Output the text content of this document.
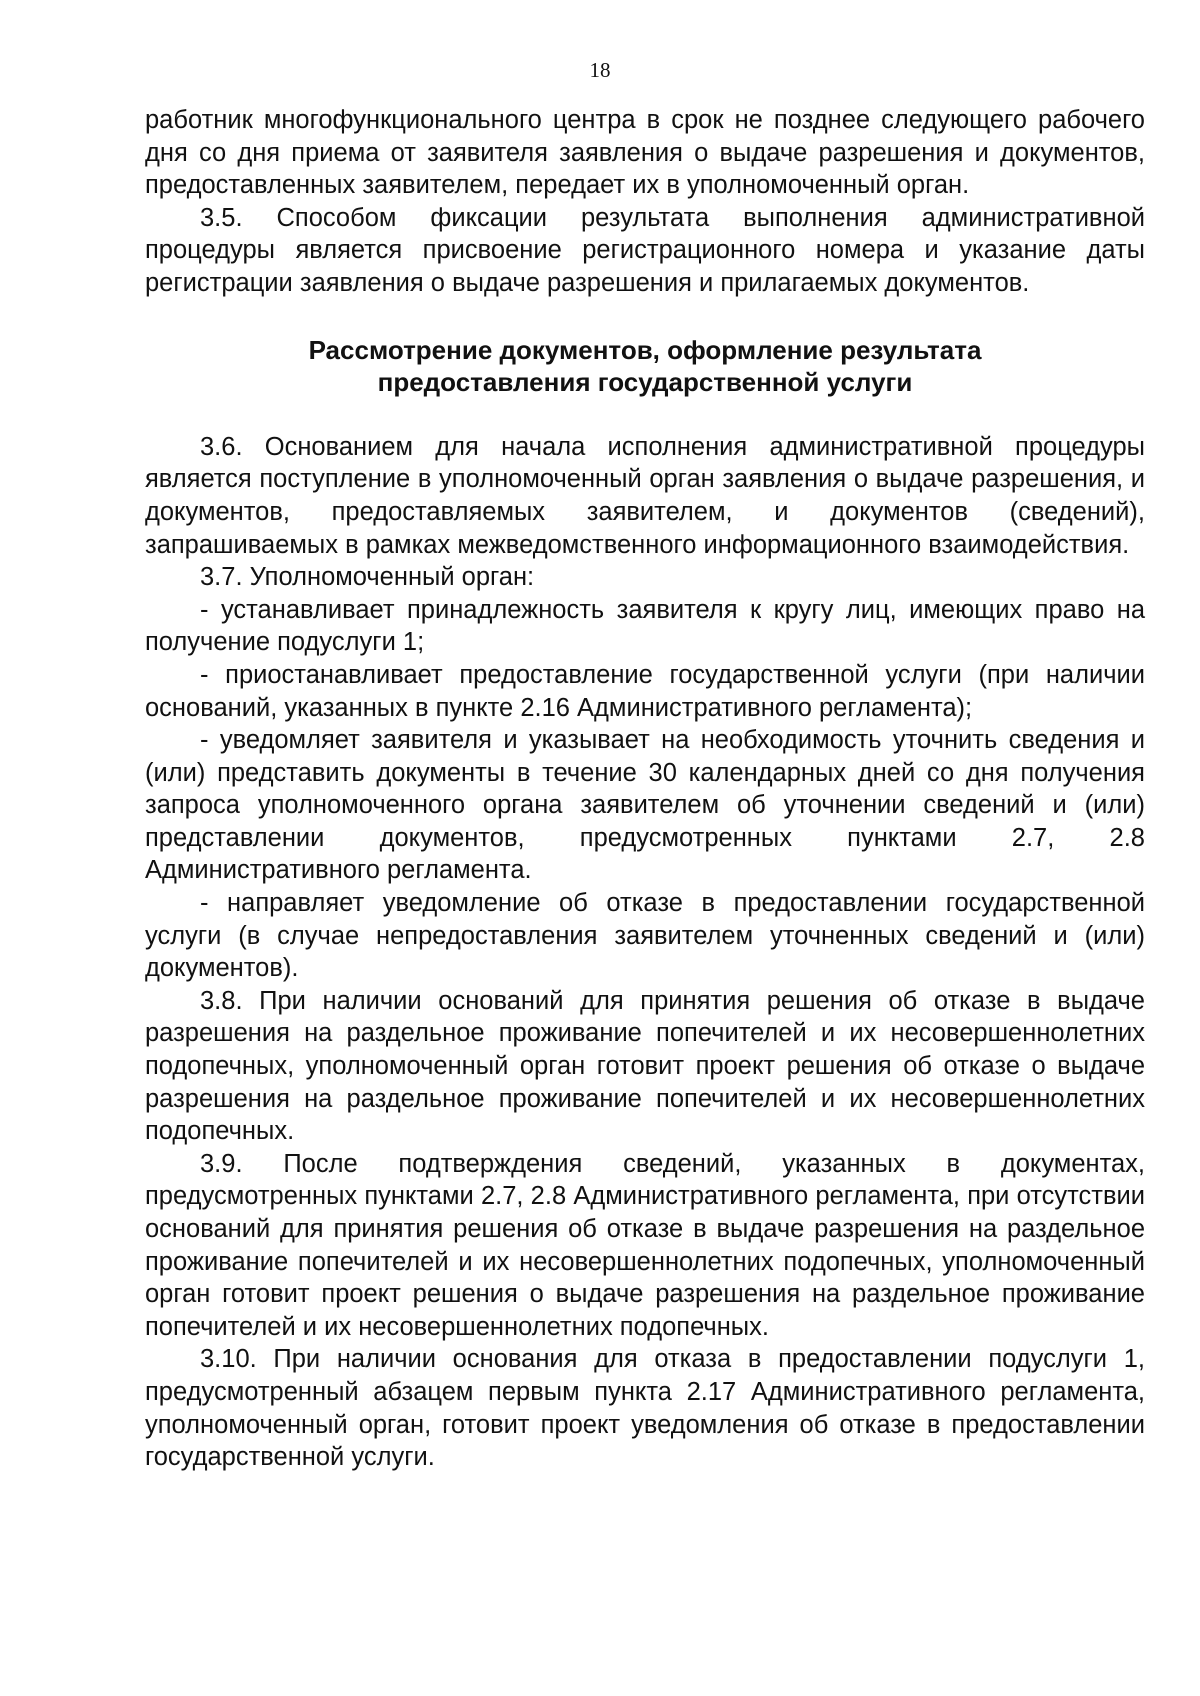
18

работник многофункционального центра в срок не позднее следующего рабочего дня со дня приема от заявителя заявления о выдаче разрешения и документов, предоставленных заявителем, передает их в уполномоченный орган.

3.5. Способом фиксации результата выполнения административной процедуры является присвоение регистрационного номера и указание даты регистрации заявления о выдаче разрешения и прилагаемых документов.

Рассмотрение документов, оформление результата
предоставления государственной услуги

3.6. Основанием для начала исполнения административной процедуры является поступление в уполномоченный орган заявления о выдаче разрешения, и документов, предоставляемых заявителем, и документов (сведений), запрашиваемых в рамках межведомственного информационного взаимодействия.

3.7. Уполномоченный орган:

- устанавливает принадлежность заявителя к кругу лиц, имеющих право на получение подуслуги 1;

- приостанавливает предоставление государственной услуги (при наличии оснований, указанных в пункте 2.16 Административного регламента);

- уведомляет заявителя и указывает на необходимость уточнить сведения и (или) представить документы в течение 30 календарных дней со дня получения запроса уполномоченного органа заявителем об уточнении сведений и (или) представлении документов, предусмотренных пунктами 2.7, 2.8 Административного регламента.

- направляет уведомление об отказе в предоставлении государственной услуги (в случае непредоставления заявителем уточненных сведений и (или) документов).

3.8. При наличии оснований для принятия решения об отказе в выдаче разрешения на раздельное проживание попечителей и их несовершеннолетних подопечных, уполномоченный орган готовит проект решения об отказе о выдаче разрешения на раздельное проживание попечителей и их несовершеннолетних подопечных.

3.9. После подтверждения сведений, указанных в документах, предусмотренных пунктами 2.7, 2.8 Административного регламента, при отсутствии оснований для принятия решения об отказе в выдаче разрешения на раздельное проживание попечителей и их несовершеннолетних подопечных, уполномоченный орган готовит проект решения о выдаче разрешения на раздельное проживание попечителей и их несовершеннолетних подопечных.

3.10. При наличии основания для отказа в предоставлении подуслуги 1, предусмотренный абзацем первым пункта 2.17 Административного регламента, уполномоченный орган, готовит проект уведомления об отказе в предоставлении государственной услуги.
